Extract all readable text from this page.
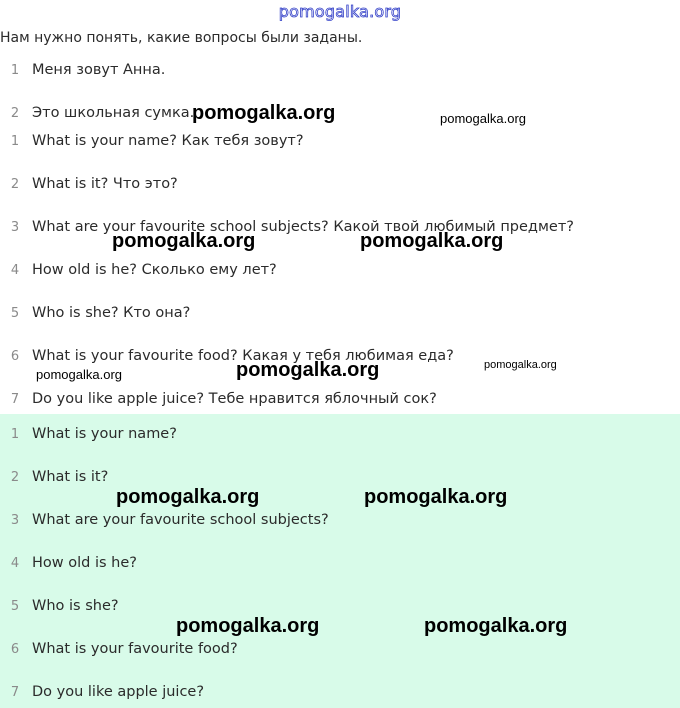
pomogalka.org
Нам нужно понять, какие вопросы были заданы.
1 Меня зовут Анна.
2 Это школьная сумка.
1 What is your name? Как тебя зовут?
2 What is it? Что это?
3 What are your favourite school subjects? Какой твой любимый предмет?
4 How old is he? Сколько ему лет?
5 Who is she? Кто она?
6 What is your favourite food? Какая у тебя любимая еда?
7 Do you like apple juice? Тебе нравится яблочный сок?
1 What is your name?
2 What is it?
3 What are your favourite school subjects?
4 How old is he?
5 Who is she?
6 What is your favourite food?
7 Do you like apple juice?
pomogalka.org	pomogalka.org
pomogalka.org	pomogalka.org
pomogalka.org	pomogalka.org	pomogalka.org
pomogalka.org	pomogalka.org
pomogalka.org	pomogalka.org
